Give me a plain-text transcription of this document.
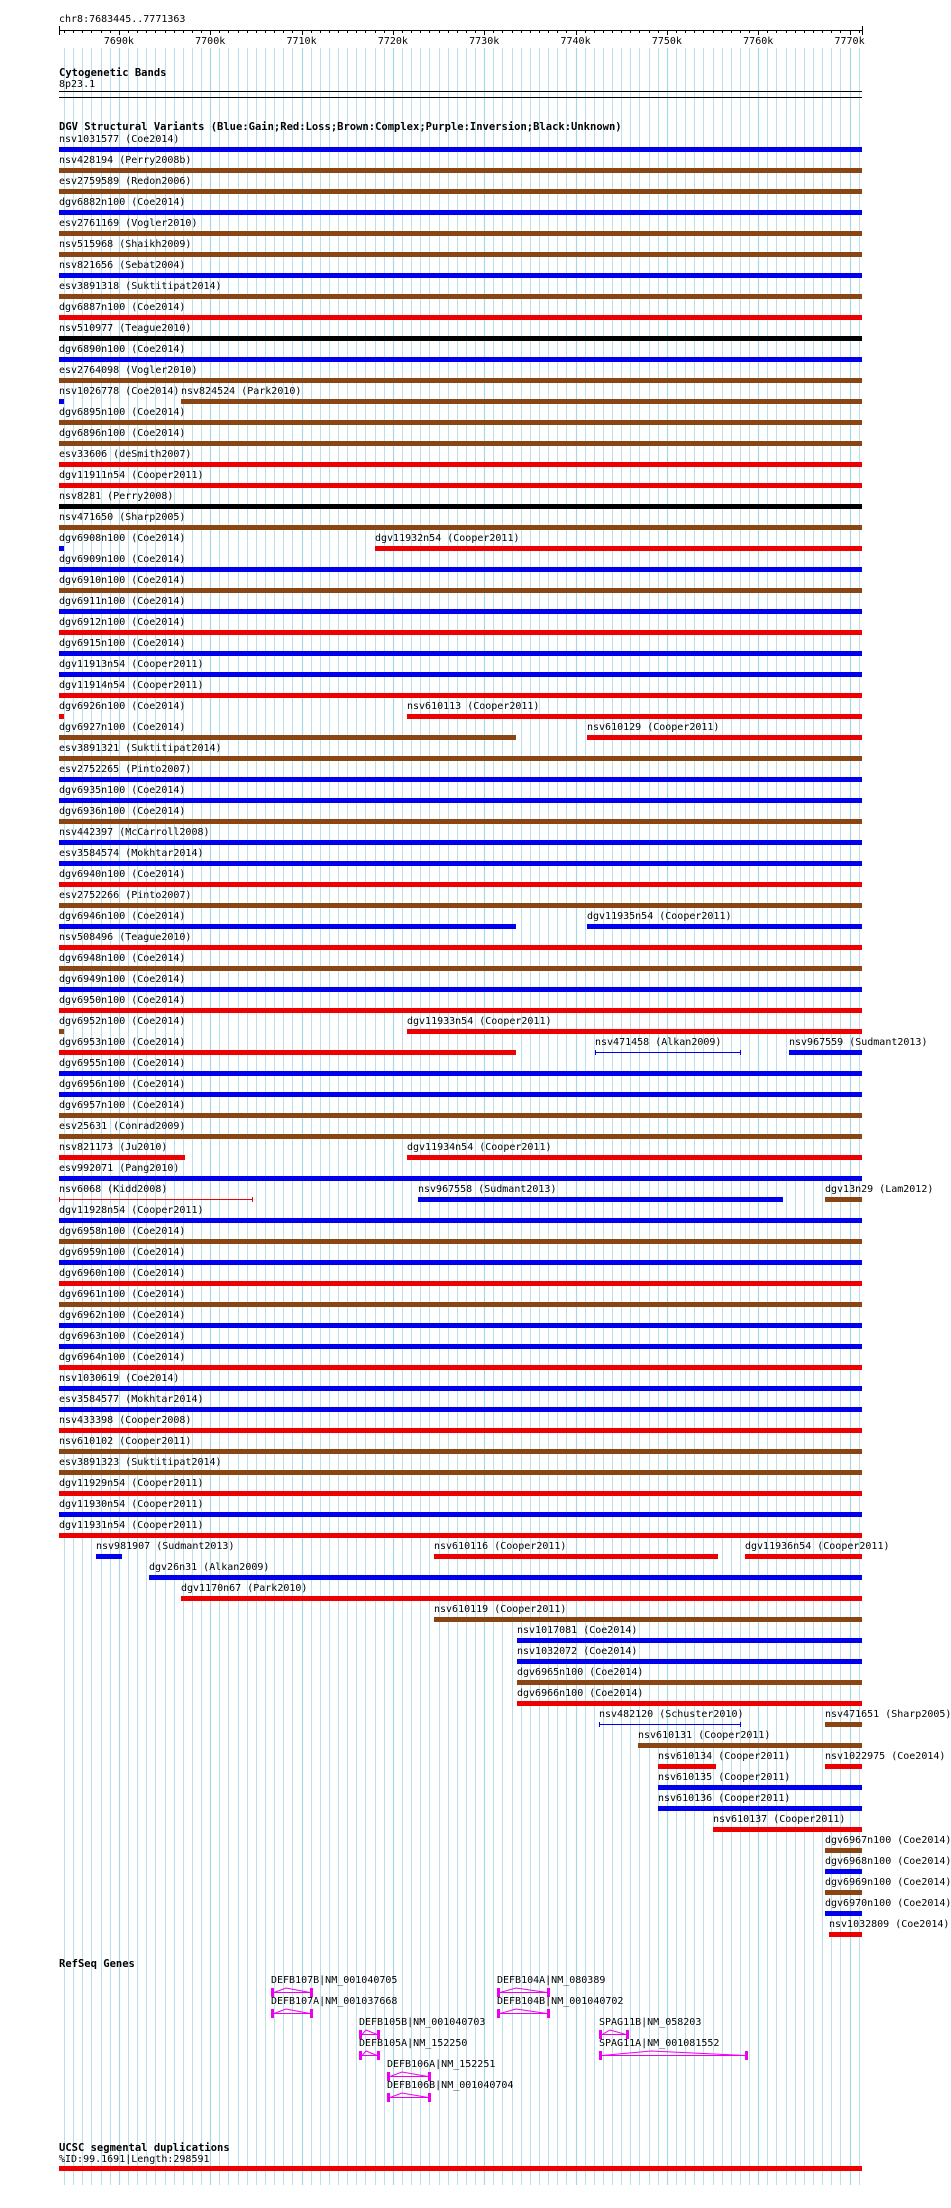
chr8:7683445..7771363
7690k	7700k	7710k	7720k	7730k	7740k	7750k	7760k	7770k
Cytogenetic Bands
8p23.1
DGV Structural Variants (Blue:Gain;Red:Loss;Brown:Complex;Purple:Inversion;Black:Unknown)
nsv1031577 (Coe2014)
nsv428194 (Perry2008b)
esv2759589 (Redon2006)
dgv6882n100 (Coe2014)
esv2761169 (Vogler2010)
nsv515968 (Shaikh2009)
nsv821656 (Sebat2004)
esv3891318 (Suktitipat2014)
dgv6887n100 (Coe2014)
nsv510977 (Teague2010)
dgv6890n100 (Coe2014)
esv2764098 (Vogler2010)
nsv1026778 (Coe2014) nsv824524 (Park2010)
dgv6895n100 (Coe2014)
dgv6896n100 (Coe2014)
esv33606 (deSmith2007)
dgv11911n54 (Cooper2011)
nsv8281 (Perry2008)
nsv471650 (Sharp2005)
dgv6908n100 (Coe2014)	dgv11932n54 (Cooper2011)
dgv6909n100 (Coe2014)
dgv6910n100 (Coe2014)
dgv6911n100 (Coe2014)
dgv6912n100 (Coe2014)
dgv6915n100 (Coe2014)
dgv11913n54 (Cooper2011)
dgv11914n54 (Cooper2011)
dgv6926n100 (Coe2014)	nsv610113 (Cooper2011)
dgv6927n100 (Coe2014)	nsv610129 (Cooper2011)
esv3891321 (Suktitipat2014)
esv2752265 (Pinto2007)
dgv6935n100 (Coe2014)
dgv6936n100 (Coe2014)
nsv442397 (McCarroll2008)
esv3584574 (Mokhtar2014)
dgv6940n100 (Coe2014)
esv2752266 (Pinto2007)
dgv6946n100 (Coe2014)	dgv11935n54 (Cooper2011)
nsv508496 (Teague2010)
dgv6948n100 (Coe2014)
dgv6949n100 (Coe2014)
dgv6950n100 (Coe2014)
dgv6952n100 (Coe2014)	dgv11933n54 (Cooper2011)
dgv6953n100 (Coe2014)	nsv471458 (Alkan2009)	nsv967559 (Sudmant2013)
dgv6955n100 (Coe2014)
dgv6956n100 (Coe2014)
dgv6957n100 (Coe2014)
esv25631 (Conrad2009)
nsv821173 (Ju2010)	dgv11934n54 (Cooper2011)
esv992071 (Pang2010)
nsv6068 (Kidd2008)	nsv967558 (Sudmant2013)	dgv13n29 (Lam2012)
dgv11928n54 (Cooper2011)
dgv6958n100 (Coe2014)
dgv6959n100 (Coe2014)
dgv6960n100 (Coe2014)
dgv6961n100 (Coe2014)
dgv6962n100 (Coe2014)
dgv6963n100 (Coe2014)
dgv6964n100 (Coe2014)
nsv1030619 (Coe2014)
esv3584577 (Mokhtar2014)
nsv433398 (Cooper2008)
nsv610102 (Cooper2011)
esv3891323 (Suktitipat2014)
dgv11929n54 (Cooper2011)
dgv11930n54 (Cooper2011)
dgv11931n54 (Cooper2011)
nsv981907 (Sudmant2013)	nsv610116 (Cooper2011)	dgv11936n54 (Cooper2011)
dgv26n31 (Alkan2009)
dgv1170n67 (Park2010)
nsv610119 (Cooper2011)
nsv1017081 (Coe2014)
nsv1032072 (Coe2014)
dgv6965n100 (Coe2014)
dgv6966n100 (Coe2014)
nsv482120 (Schuster2010)	nsv471651 (Sharp2005)
nsv610131 (Cooper2011)
nsv610134 (Cooper2011)	nsv1022975 (Coe2014)
nsv610135 (Cooper2011)
nsv610136 (Cooper2011)
nsv610137 (Cooper2011)
dgv6967n100 (Coe2014)
dgv6968n100 (Coe2014)
dgv6969n100 (Coe2014)
dgv6970n100 (Coe2014)
nsv1032809 (Coe2014)
RefSeq Genes
DEFB107B|NM_001040705
DEFB107A|NM_001037668
DEFB105B|NM_001040703
DEFB105A|NM_152250
DEFB106A|NM_152251
DEFB106B|NM_001040704
DEFB104A|NM_080389
DEFB104B|NM_001040702
SPAG11B|NM_058203
SPAG11A|NM_001081552
UCSC segmental duplications
%ID:99.1691|Length:298591
